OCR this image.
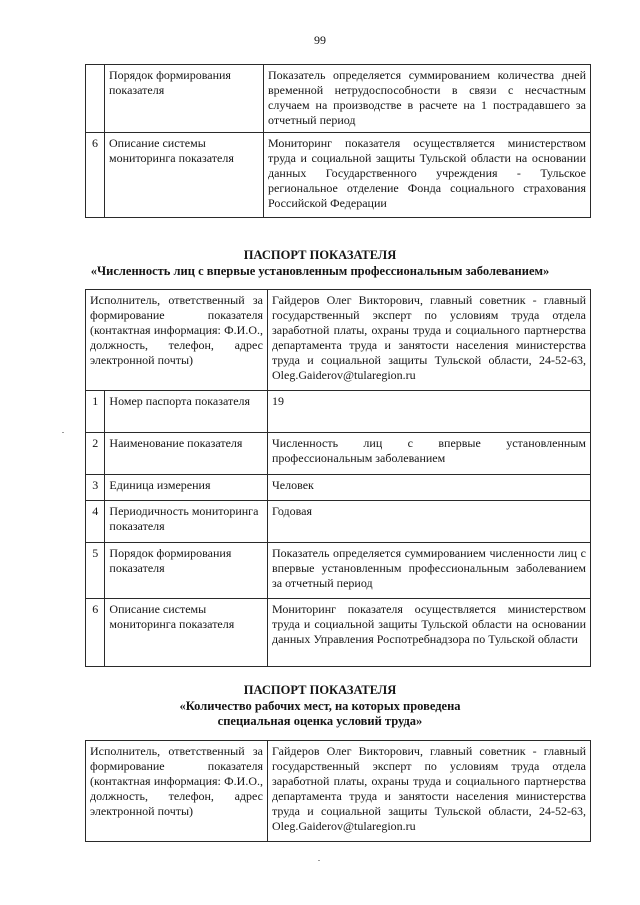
99
	Порядок формирования показателя	Показатель определяется суммированием количества дней временной нетрудоспособности в связи с несчастным случаем на производстве в расчете на 1 пострадавшего за отчетный период
6	Описание системы мониторинга показателя	Мониторинг показателя осуществляется министерством труда и социальной защиты Тульской области на основании данных Государственного учреждения - Тульское региональное отделение Фонда социального страхования Российской Федерации
ПАСПОРТ ПОКАЗАТЕЛЯ
«Численность лиц с впервые установленным профессиональным заболеванием»
Исполнитель, ответственный за формирование показателя (контактная информация: Ф.И.О., должность, телефон, адрес электронной почты)		Гайдеров Олег Викторович, главный советник - главный государственный эксперт по условиям труда отдела заработной платы, охраны труда и социального партнерства департамента труда и занятости населения министерства труда и социальной защиты Тульской области, 24-52-63, Oleg.Gaiderov@tularegion.ru
1	Номер паспорта показателя	19
2	Наименование показателя	Численность лиц с впервые установленным профессиональным заболеванием
3	Единица измерения	Человек
4	Периодичность мониторинга показателя	Годовая
5	Порядок формирования показателя	Показатель определяется суммированием численности лиц с впервые установленным профессиональным заболеванием за отчетный период
6	Описание системы мониторинга показателя	Мониторинг показателя осуществляется министерством труда и социальной защиты Тульской области на основании данных Управления Роспотребнадзора по Тульской области
ПАСПОРТ ПОКАЗАТЕЛЯ
«Количество рабочих мест, на которых проведена
специальная оценка условий труда»
Исполнитель, ответственный за формирование показателя (контактная информация: Ф.И.О., должность, телефон, адрес электронной почты)	Гайдеров Олег Викторович, главный советник - главный государственный эксперт по условиям труда отдела заработной платы, охраны труда и социального партнерства департамента труда и занятости населения министерства труда и социальной защиты Тульской области, 24-52-63, Oleg.Gaiderov@tularegion.ru
